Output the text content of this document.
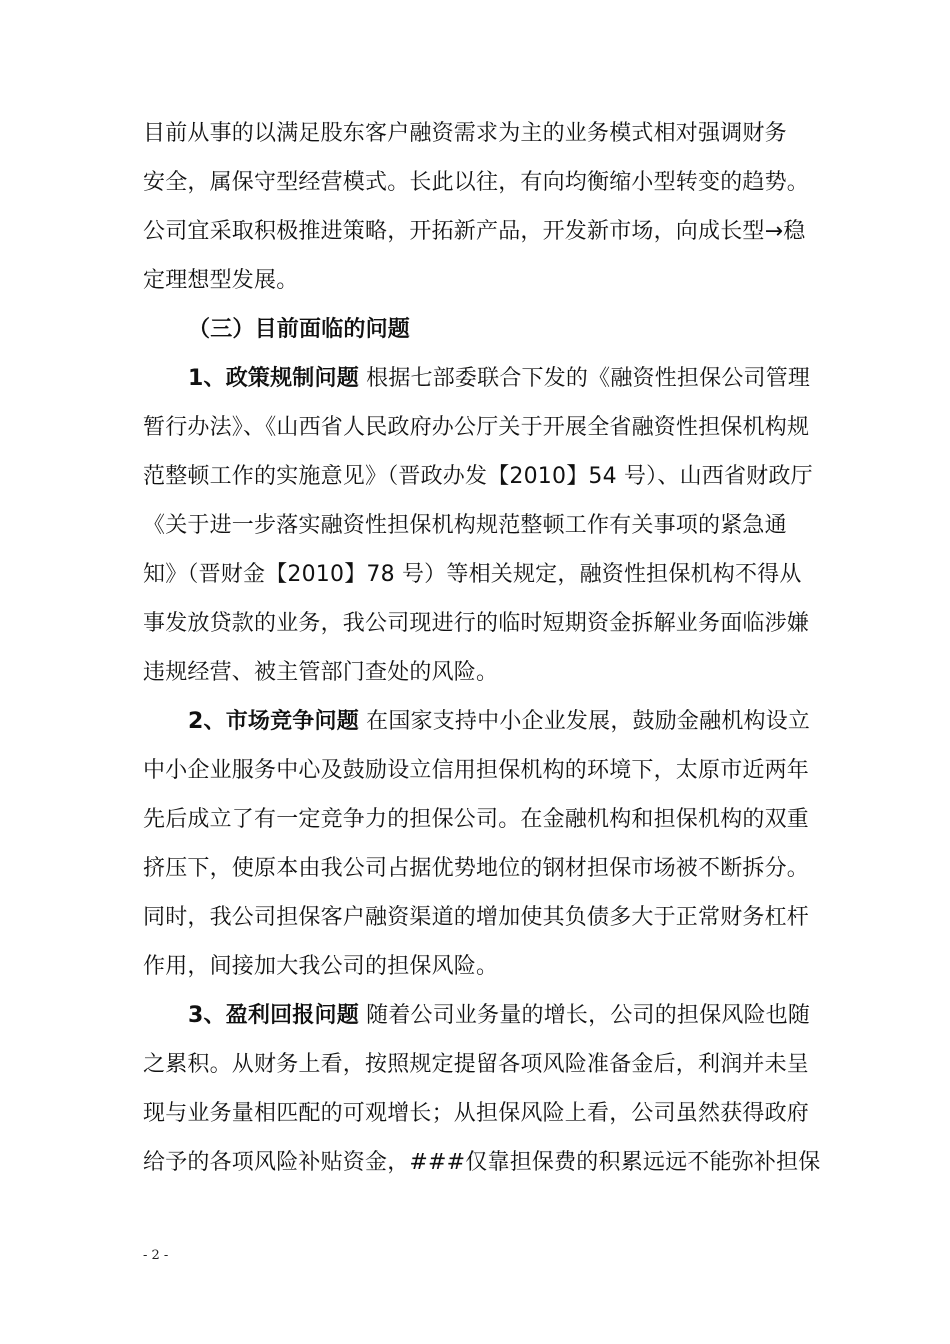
目前从事的以满足股东客户融资需求为主的业务模式相对强调财务
安全，属保守型经营模式。长此以往，有向均衡缩小型转变的趋势。
公司宜采取积极推进策略，开拓新产品，开发新市场，向成长型→稳
定理想型发展。
（三）目前面临的问题
1、政策规制问题 根据七部委联合下发的《融资性担保公司管理
暂行办法》、《山西省人民政府办公厅关于开展全省融资性担保机构规
范整顿工作的实施意见》（晋政办发【2010】54 号）、山西省财政厅
《关于进一步落实融资性担保机构规范整顿工作有关事项的紧急通
知》（晋财金【2010】78 号）等相关规定，融资性担保机构不得从
事发放贷款的业务，我公司现进行的临时短期资金拆解业务面临涉嫌
违规经营、被主管部门查处的风险。
2、市场竞争问题 在国家支持中小企业发展，鼓励金融机构设立
中小企业服务中心及鼓励设立信用担保机构的环境下，太原市近两年
先后成立了有一定竞争力的担保公司。在金融机构和担保机构的双重
挤压下，使原本由我公司占据优势地位的钢材担保市场被不断拆分。
同时，我公司担保客户融资渠道的增加使其负债多大于正常财务杠杆
作用，间接加大我公司的担保风险。
3、盈利回报问题 随着公司业务量的增长，公司的担保风险也随
之累积。从财务上看，按照规定提留各项风险准备金后，利润并未呈
现与业务量相匹配的可观增长；从担保风险上看，公司虽然获得政府
给予的各项风险补贴资金，###仅靠担保费的积累远远不能弥补担保
- 2 -
